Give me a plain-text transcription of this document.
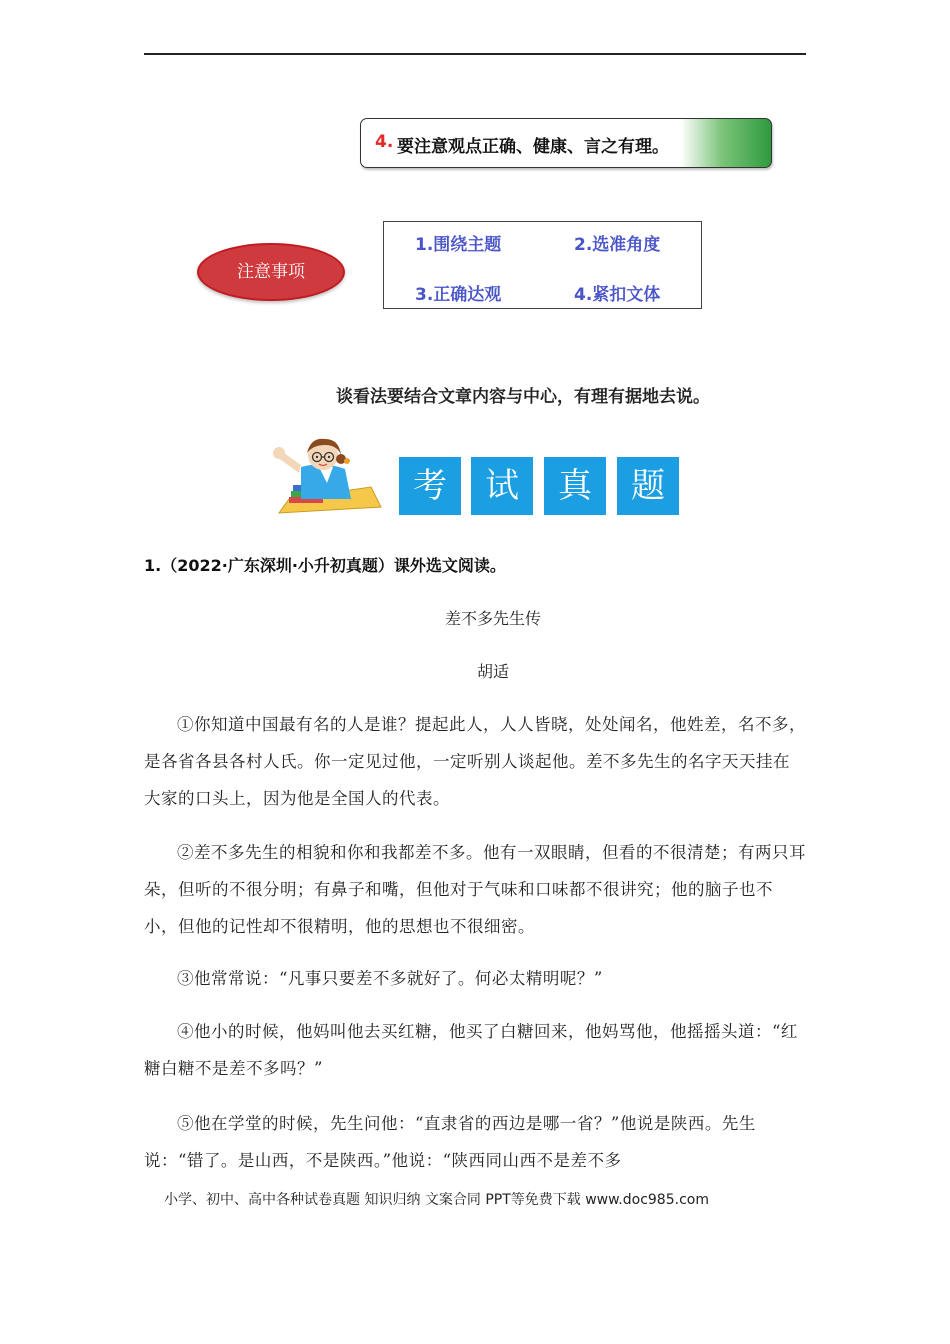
4. 要注意观点正确、健康、言之有理。
注意事项
1.围绕主题	2.选准角度
3.正确达观	4.紧扣文体
谈看法要结合文章内容与中心，有理有据地去说。
考	试	真	题
1.（2022·广东深圳·小升初真题）课外选文阅读。
差不多先生传
胡适

①你知道中国最有名的人是谁？提起此人，人人皆晓，处处闻名，他姓差，名不多，是各省各县各村人氏。你一定见过他，一定听别人谈起他。差不多先生的名字天天挂在大家的口头上，因为他是全国人的代表。

②差不多先生的相貌和你和我都差不多。他有一双眼睛，但看的不很清楚；有两只耳朵，但听的不很分明；有鼻子和嘴，但他对于气味和口味都不很讲究；他的脑子也不小，但他的记性却不很精明，他的思想也不很细密。

③他常常说：“凡事只要差不多就好了。何必太精明呢？”

④他小的时候，他妈叫他去买红糖，他买了白糖回来，他妈骂他，他摇摇头道：“红糖白糖不是差不多吗？”

⑤他在学堂的时候，先生问他：“直隶省的西边是哪一省？”他说是陕西。先生说：“错了。是山西，不是陕西。”他说：“陕西同山西不是差不多

小学、初中、高中各种试卷真题 知识归纳 文案合同 PPT等免费下载 www.doc985.com
